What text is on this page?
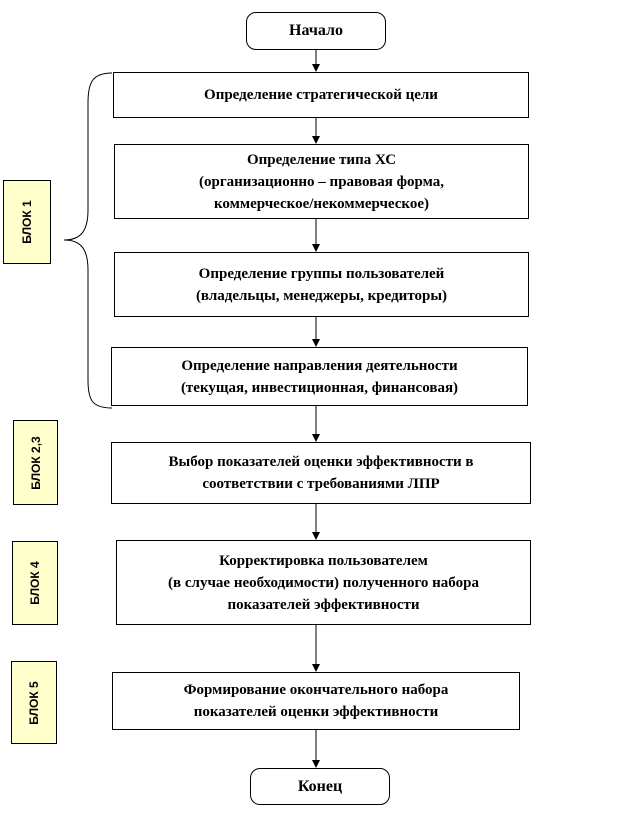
БЛОК 1
БЛОК 2,3
БЛОК 4
БЛОК 5
Начало
Определение стратегической цели
Определение типа ХС
(организационно – правовая форма,
коммерческое/некоммерческое)
Определение группы пользователей
(владельцы, менеджеры, кредиторы)
Определение направления деятельности
(текущая, инвестиционная, финансовая)
Выбор показателей оценки эффективности в
соответствии с требованиями ЛПР
Корректировка пользователем
(в случае необходимости) полученного набора
показателей эффективности
Формирование окончательного набора
показателей оценки эффективности
Конец
